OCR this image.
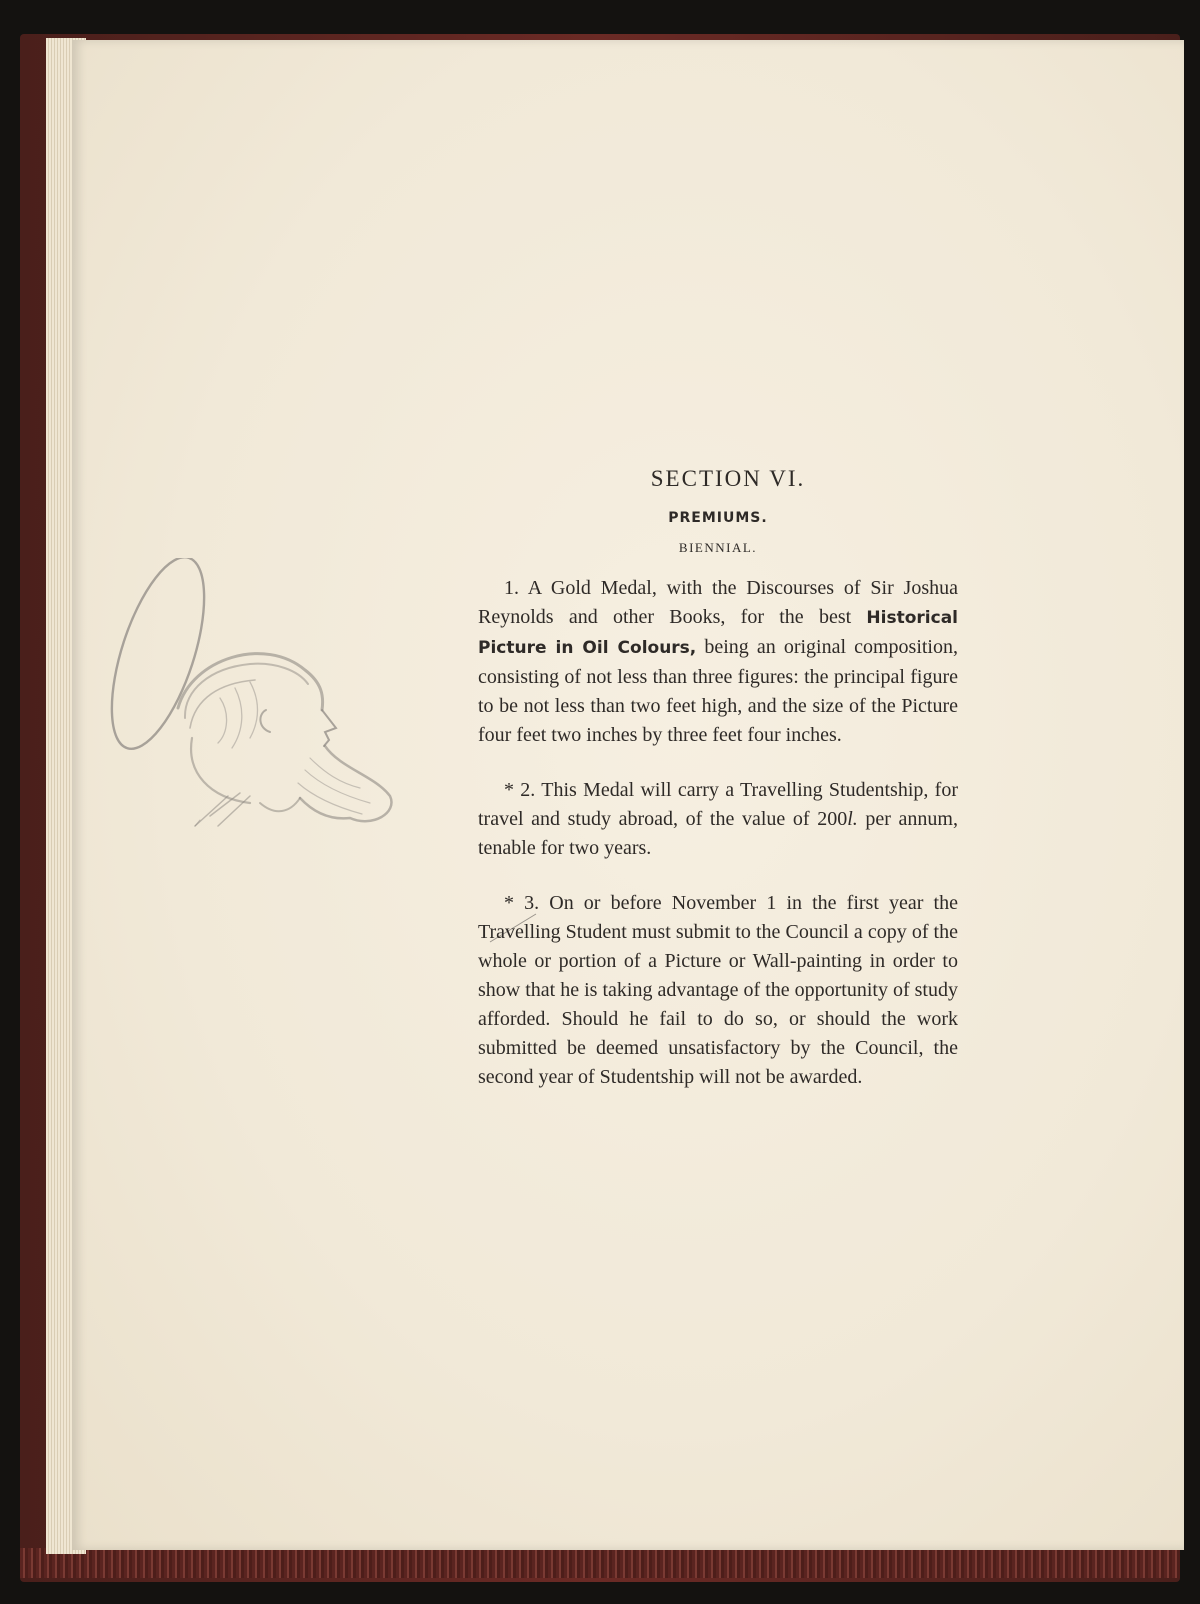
SECTION VI.
PREMIUMS.
BIENNIAL.

1. A Gold Medal, with the Discourses of Sir Joshua Reynolds and other Books, for the best Historical Picture in Oil Colours, being an original composition, consisting of not less than three figures: the principal figure to be not less than two feet high, and the size of the Picture four feet two inches by three feet four inches.

* 2. This Medal will carry a Travelling Studentship, for travel and study abroad, of the value of 200l. per annum, tenable for two years.

* 3. On or before November 1 in the first year the Travelling Student must submit to the Council a copy of the whole or portion of a Picture or Wall-painting in order to show that he is taking advantage of the opportunity of study afforded. Should he fail to do so, or should the work submitted be deemed unsatisfactory by the Council, the second year of Studentship will not be awarded.
